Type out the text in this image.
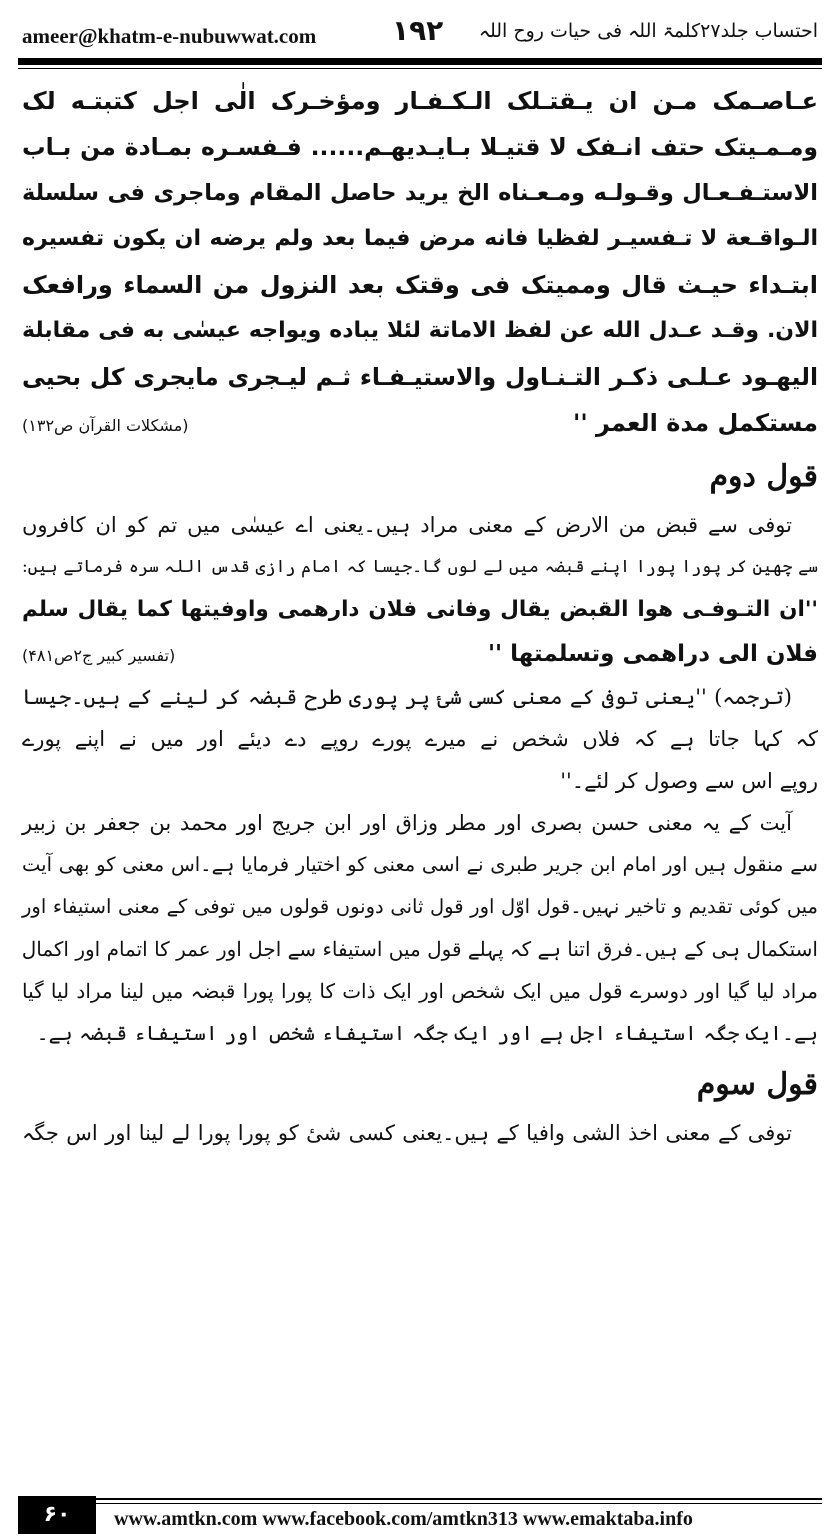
ameer@khatm-e-nubuwwat.com	۱۹۲ احتساب جلد۲۷کلمۃ اللہ فی حیات روح اللہ

عـاصـمک مـن ان یـقتـلک الـکـفـار ومؤخـرک الٰی اجل کتبتـه لک

ومـمـيتک حتف انـفک لا قتيـلا بـايـديهـم...... فـفسـره بمـادة من بـاب

الاستـفـعـال وقـولـه ومـعـناه الخ يريد حاصل المقام وماجرى فى سلسلة

الـواقـعة لا تـفسيـر لفظيا فانه مرض فيما بعد ولم يرضه ان يكون تفسيره

ابتـداء حيـث قال ومميتک فی وقتک بعد النزول من السماء ورافعک

الان. وقـد عـدل الله عن لفظ الاماتة لئلا يباده ويواجه عيسٰى به فى مقابلة

اليهـود عـلـى ذكـر التـنـاول والاستيـفـاء ثـم ليـجرى مايجرى كل بحيى

مستكمل مدة العمر ''

(مشکلات القرآن ص۱۳۲)
قول دوم

توفی سے قبض من الارض کے معنی مراد ہیں۔یعنی اے عیسٰی میں تم کو ان کافروں

سے چھین کر پورا پورا اپنے قبضہ میں لے لوں گا۔جیسا کہ امام رازی قدس اللہ سرہ فرماتے ہیں:

''ان التـوفـی هوا القبض يقال وفانی فلان دارهمی واوفيتها كما يقال سلم

فلان الی دراهمی وتسلمتها ''

(تفسیر کبیر ج۲ص۴۸۱)

(ترجمہ) ''یعنی توفی کے معنی کسی شیٔ پر پوری طرح قبضہ کر لینے کے ہیں۔جیسا

کہ کہا جاتا ہے کہ فلاں شخص نے میرے پورے روپے دے دیئے اور میں نے اپنے پورے

روپے اس سے وصول کر لئے۔''

آیت کے یہ معنی حسن بصری اور مطر وزاق اور ابن جریج اور محمد بن جعفر بن زبیر

سے منقول ہیں اور امام ابن جریر طبری نے اسی معنی کو اختیار فرمایا ہے۔اس معنی کو بھی آیت

میں کوئی تقدیم و تاخیر نہیں۔قول اوّل اور قول ثانی دونوں قولوں میں توفی کے معنی استیفاء اور

استکمال ہی کے ہیں۔فرق اتنا ہے کہ پہلے قول میں استیفاء سے اجل اور عمر کا اتمام اور اکمال

مراد لیا گیا اور دوسرے قول میں ایک شخص اور ایک ذات کا پورا پورا قبضہ میں لینا مراد لیا گیا

ہے۔ایک جگہ استیفاء اجل ہے اور ایک جگہ استیفاء شخص اور استیفاء قبضہ ہے۔

قول سوم

توفی کے معنی اخذ الشی وافیا کے ہیں۔یعنی کسی شیٔ کو پورا پورا لے لینا اور اس جگہ

۶۰	www.amtkn.com www.facebook.com/amtkn313 www.emaktaba.info
